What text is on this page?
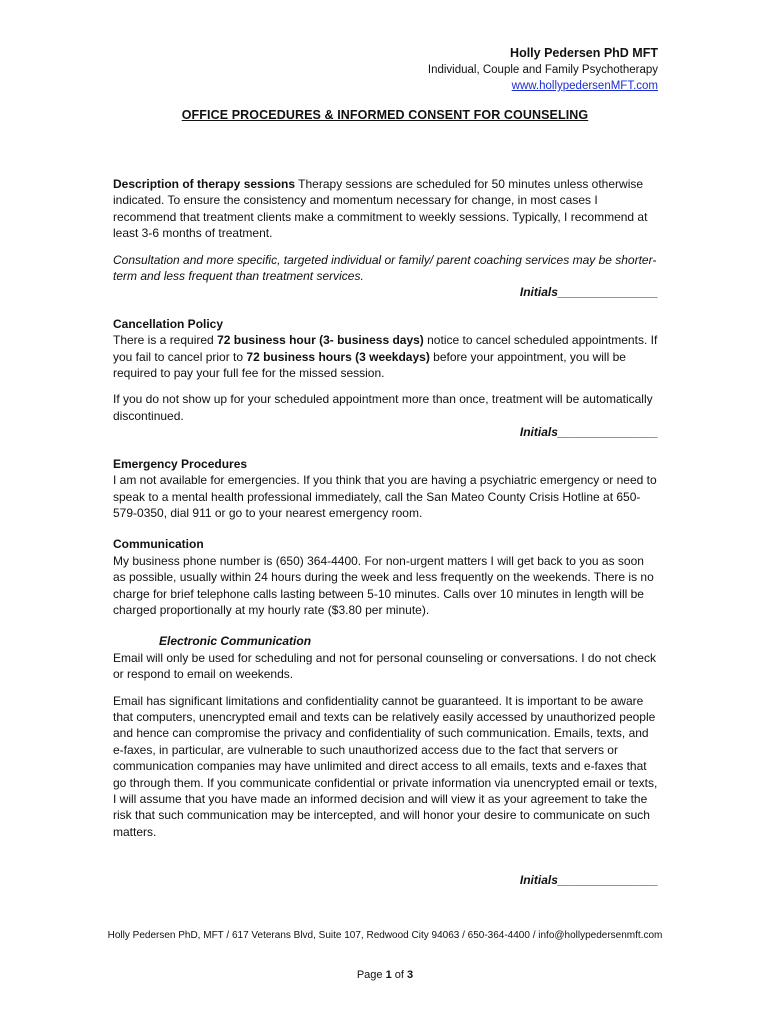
Holly Pedersen PhD MFT
Individual, Couple and Family Psychotherapy
www.hollypedersenMFT.com
OFFICE PROCEDURES & INFORMED CONSENT FOR COUNSELING

Description of therapy sessions Therapy sessions are scheduled for 50 minutes unless otherwise indicated. To ensure the consistency and momentum necessary for change, in most cases I recommend that treatment clients make a commitment to weekly sessions. Typically, I recommend at least 3-6 months of treatment.

Consultation and more specific, targeted individual or family/ parent coaching services may be shorter-term and less frequent than treatment services.

Initials_______________

Cancellation Policy

There is a required 72 business hour (3- business days) notice to cancel scheduled appointments. If you fail to cancel prior to 72 business hours (3 weekdays) before your appointment, you will be required to pay your full fee for the missed session.

If you do not show up for your scheduled appointment more than once, treatment will be automatically discontinued.

Initials_______________

Emergency Procedures

I am not available for emergencies. If you think that you are having a psychiatric emergency or need to speak to a mental health professional immediately, call the San Mateo County Crisis Hotline at 650-579-0350, dial 911 or go to your nearest emergency room.

Communication

My business phone number is (650) 364-4400. For non-urgent matters I will get back to you as soon as possible, usually within 24 hours during the week and less frequently on the weekends. There is no charge for brief telephone calls lasting between 5-10 minutes. Calls over 10 minutes in length will be charged proportionally at my hourly rate ($3.80 per minute).

Electronic Communication

Email will only be used for scheduling and not for personal counseling or conversations. I do not check or respond to email on weekends.

Email has significant limitations and confidentiality cannot be guaranteed. It is important to be aware that computers, unencrypted email and texts can be relatively easily accessed by unauthorized people and hence can compromise the privacy and confidentiality of such communication. Emails, texts, and e-faxes, in particular, are vulnerable to such unauthorized access due to the fact that servers or communication companies may have unlimited and direct access to all emails, texts and e-faxes that go through them. If you communicate confidential or private information via unencrypted email or texts, I will assume that you have made an informed decision and will view it as your agreement to take the risk that such communication may be intercepted, and will honor your desire to communicate on such matters.

Initials_______________

Holly Pedersen PhD, MFT / 617 Veterans Blvd, Suite 107, Redwood City 94063 / 650-364-4400 / info@hollypedersenmft.com
Page 1 of 3
